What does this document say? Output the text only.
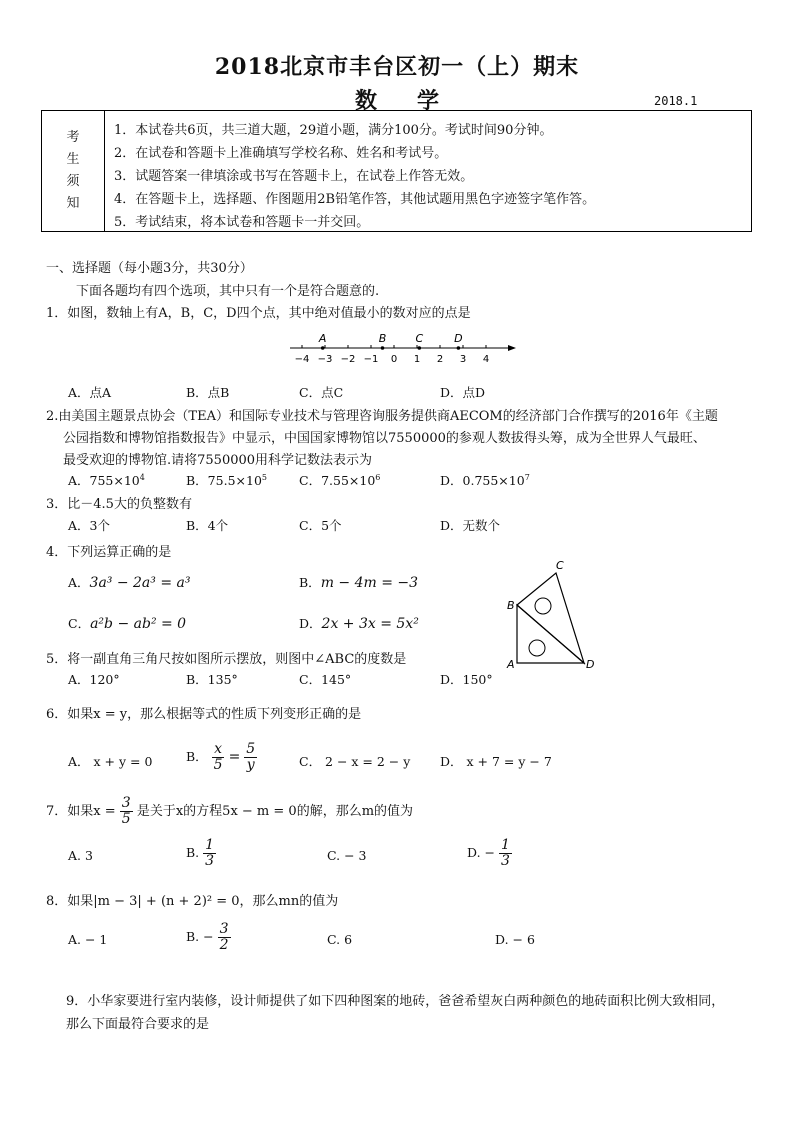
2018北京市丰台区初一（上）期末
数学	2018.1
考
生
须
知
1．本试卷共6页，共三道大题，29道小题，满分100分。考试时间90分钟。
2．在试卷和答题卡上准确填写学校名称、姓名和考试号。
3．试题答案一律填涂或书写在答题卡上，在试卷上作答无效。
4．在答题卡上，选择题、作图题用2B铅笔作答，其他试题用黑色字迹签字笔作答。
5．考试结束，将本试卷和答题卡一并交回。
一、选择题（每小题3分，共30分）
下面各题均有四个选项，其中只有一个是符合题意的.
1．如图，数轴上有A，B，C，D四个点，其中绝对值最小的数对应的点是
−4 −3 −2 −1 0 1 2 3 4
A	B	C	D
A．点A	B．点B	C．点C	D．点D
2.由美国主题景点协会（TEA）和国际专业技术与管理咨询服务提供商AECOM的经济部门合作撰写的2016年《主题
公园指数和博物馆指数报告》中显示，中国国家博物馆以7550000的参观人数拔得头筹，成为全世界人气最旺、
最受欢迎的博物馆.请将7550000用科学记数法表示为
A．$755\times 10^4$	B．$75.5\times 10^5$	C．$7.55\times 10^6$	D．$0.755\times 10^7$
3．比－4.5大的负整数有
A．3个	B．4个	C．5个	D．无数个
4．下列运算正确的是
A．3a³ − 2a³ = a³	B．m − 4m = −3
C．a²b − ab² = 0	D．2x + 3x = 5x²
C
B
A	D
5．将一副直角三角尺按如图所示摆放，则图中∠ABC的度数是
A．120°	B．135°	C．145°	D．150°
6．如果x = y，那么根据等式的性质下列变形正确的是
A． x + y = 0	B． $\frac{x}{5} = \frac{5}{y}$	C． 2 − x = 2 − y D． x + 7 = y − 7
7．如果$x = \frac{3}{5}$ 是关于x的方程5x − m = 0的解，那么m的值为
A. 3	B. $\frac{1}{3}$	C. − 3	D. − $\frac{1}{3}$
8．如果|m − 3| + (n + 2)² = 0，那么mn的值为
A. − 1	B. − $\frac{3}{2}$	C. 6	D. − 6
9．小华家要进行室内装修，设计师提供了如下四种图案的地砖，爸爸希望灰白两种颜色的地砖面积比例大致相同，
那么下面最符合要求的是
